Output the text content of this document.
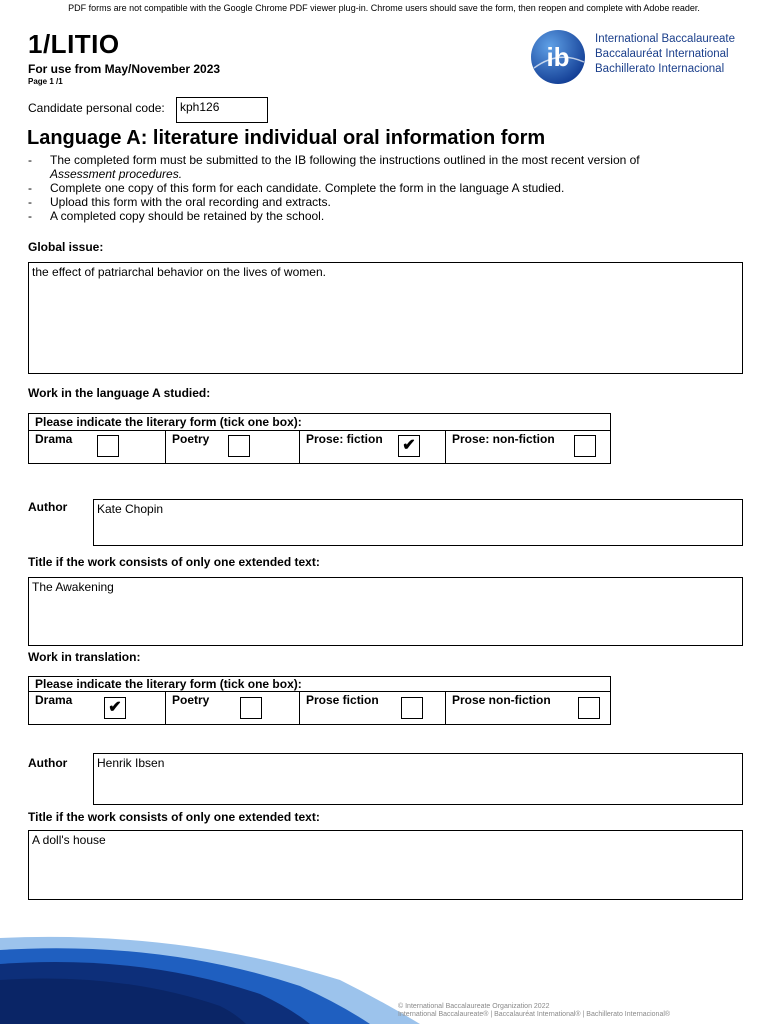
PDF forms are not compatible with the Google Chrome PDF viewer plug-in. Chrome users should save the form, then reopen and complete with Adobe reader.
1/LITIO
For use from May/November 2023
Page 1 /1
ib
International Baccalaureate
Baccalauréat International
Bachillerato Internacional
Candidate personal code:	kph126
Language A: literature individual oral information form
-	The completed form must be submitted to the IB following the instructions outlined in the most recent version of
Assessment procedures.
-	Complete one copy of this form for each candidate. Complete the form in the language A studied.
-	Upload this form with the oral recording and extracts.
-	A completed copy should be retained by the school.
Global issue:
the effect of patriarchal behavior on the lives of women.
Work in the language A studied:
Please indicate the literary form (tick one box):

Drama	Poetry	Prose: fiction ✔	Prose: non-fiction
Author	Kate Chopin
Title if the work consists of only one extended text:
The Awakening
Work in translation:
Please indicate the literary form (tick one box):

Drama ✔	Poetry	Prose fiction	Prose non-fiction
Author	Henrik Ibsen
Title if the work consists of only one extended text:
A doll's house
© International Baccalaureate Organization 2022
International Baccalaureate® | Baccalauréat International® | Bachillerato Internacional®
